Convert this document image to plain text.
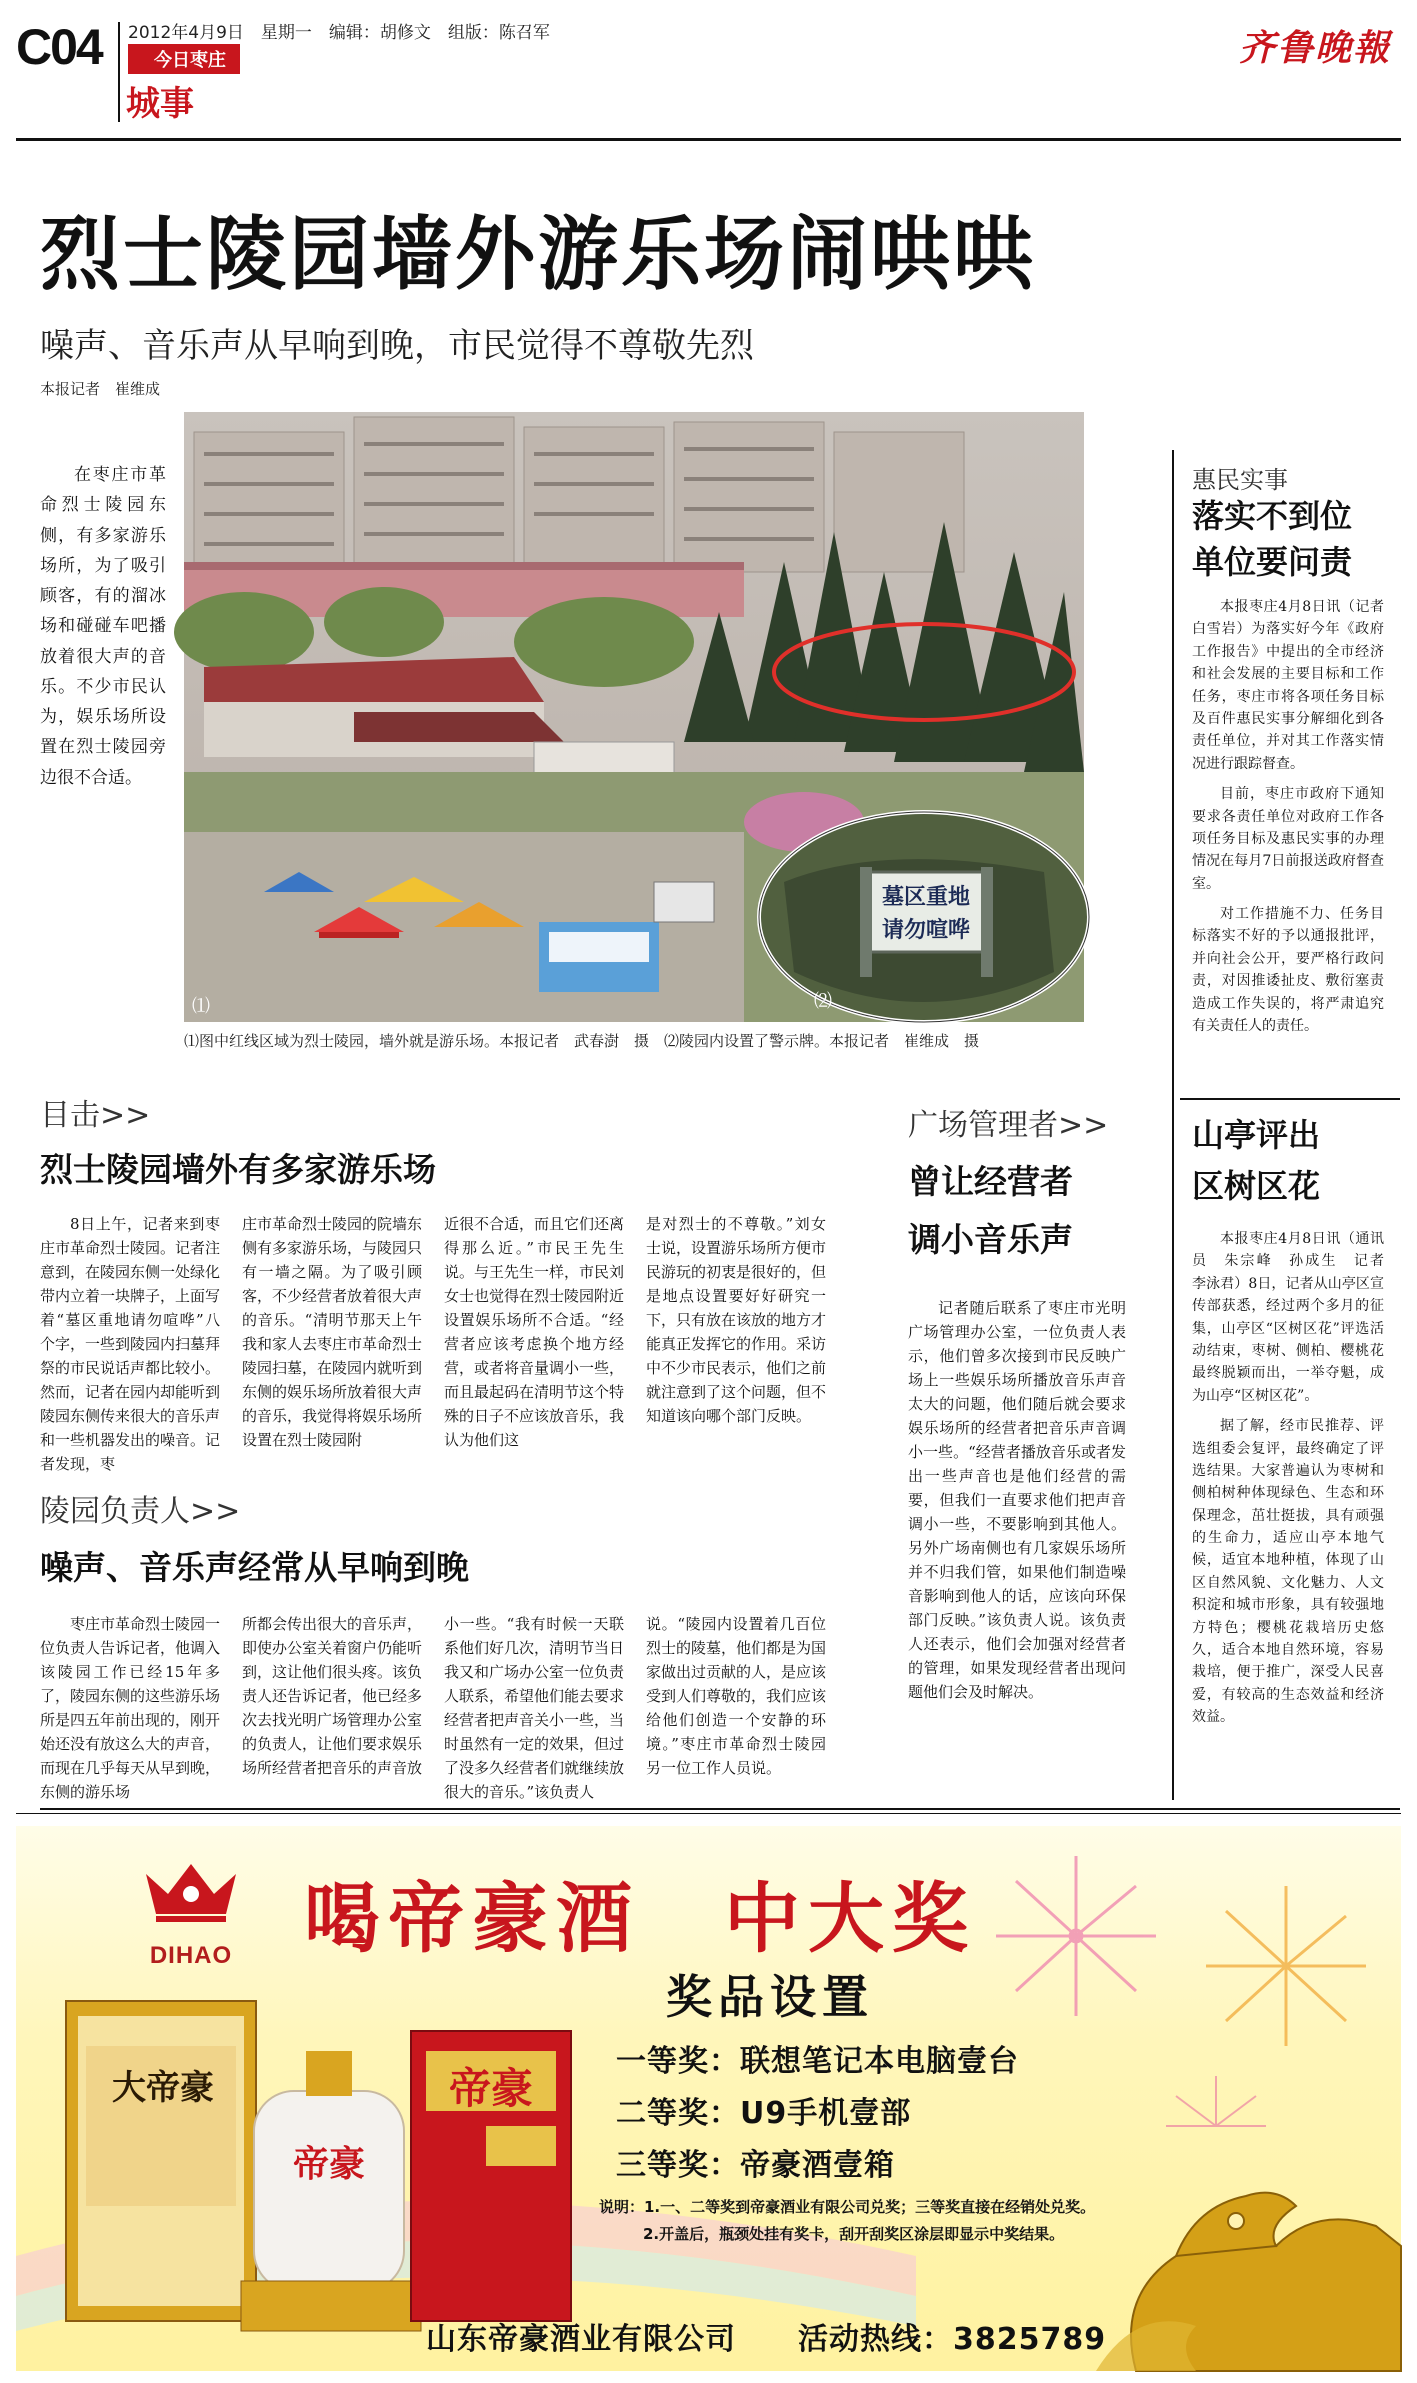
C04 2012年4月9日　星期一　编辑：胡修文　组版：陈召军
今日枣庄
城事
齐鲁晚報
烈士陵园墙外游乐场闹哄哄
噪声、音乐声从早响到晚，市民觉得不尊敬先烈
本报记者　崔维成

在枣庄市革命烈士陵园东侧，有多家游乐场所，为了吸引顾客，有的溜冰场和碰碰车吧播放着很大声的音乐。不少市民认为，娱乐场所设置在烈士陵园旁边很不合适。

墓区重地
请勿喧哗
⑴	⑵
⑴图中红线区域为烈士陵园，墙外就是游乐场。本报记者　武春澍　摄　⑵陵园内设置了警示牌。本报记者　崔维成　摄
目击>>
烈士陵园墙外有多家游乐场

8日上午，记者来到枣庄市革命烈士陵园。记者注意到，在陵园东侧一处绿化带内立着一块牌子，上面写着“墓区重地请勿喧哗”八个字，一些到陵园内扫墓拜祭的市民说话声都比较小。然而，记者在园内却能听到陵园东侧传来很大的音乐声和一些机器发出的噪音。记者发现，枣

庄市革命烈士陵园的院墙东侧有多家游乐场，与陵园只有一墙之隔。为了吸引顾客，不少经营者放着很大声的音乐。“清明节那天上午我和家人去枣庄市革命烈士陵园扫墓，在陵园内就听到东侧的娱乐场所放着很大声的音乐，我觉得将娱乐场所设置在烈士陵园附

近很不合适，而且它们还离得那么近。”市民王先生说。与王先生一样，市民刘女士也觉得在烈士陵园附近设置娱乐场所不合适。“经营者应该考虑换个地方经营，或者将音量调小一些，而且最起码在清明节这个特殊的日子不应该放音乐，我认为他们这

是对烈士的不尊敬。”刘女士说，设置游乐场所方便市民游玩的初衷是很好的，但是地点设置要好好研究一下，只有放在该放的地方才能真正发挥它的作用。采访中不少市民表示，他们之前就注意到了这个问题，但不知道该向哪个部门反映。

陵园负责人>>
噪声、音乐声经常从早响到晚

枣庄市革命烈士陵园一位负责人告诉记者，他调入该陵园工作已经15年多了，陵园东侧的这些游乐场所是四五年前出现的，刚开始还没有放这么大的声音，而现在几乎每天从早到晚，东侧的游乐场

所都会传出很大的音乐声，即使办公室关着窗户仍能听到，这让他们很头疼。该负责人还告诉记者，他已经多次去找光明广场管理办公室的负责人，让他们要求娱乐场所经营者把音乐的声音放

小一些。“我有时候一天联系他们好几次，清明节当日我又和广场办公室一位负责人联系，希望他们能去要求经营者把声音关小一些，当时虽然有一定的效果，但过了没多久经营者们就继续放很大的音乐。”该负责人

说。“陵园内设置着几百位烈士的陵墓，他们都是为国家做出过贡献的人，是应该受到人们尊敬的，我们应该给他们创造一个安静的环境。”枣庄市革命烈士陵园另一位工作人员说。

广场管理者>>
曾让经营者
调小音乐声

记者随后联系了枣庄市光明广场管理办公室，一位负责人表示，他们曾多次接到市民反映广场上一些娱乐场所播放音乐声音太大的问题，他们随后就会要求娱乐场所的经营者把音乐声音调小一些。“经营者播放音乐或者发出一些声音也是他们经营的需要，但我们一直要求他们把声音调小一些，不要影响到其他人。另外广场南侧也有几家娱乐场所并不归我们管，如果他们制造噪音影响到他人的话，应该向环保部门反映。”该负责人说。该负责人还表示，他们会加强对经营者的管理，如果发现经营者出现问题他们会及时解决。

惠民实事
落实不到位
单位要问责

本报枣庄4月8日讯（记者　白雪岩）为落实好今年《政府工作报告》中提出的全市经济和社会发展的主要目标和工作任务，枣庄市将各项任务目标及百件惠民实事分解细化到各责任单位，并对其工作落实情况进行跟踪督查。

目前，枣庄市政府下通知要求各责任单位对政府工作各项任务目标及惠民实事的办理情况在每月7日前报送政府督查室。

对工作措施不力、任务目标落实不好的予以通报批评，并向社会公开，要严格行政问责，对因推诿扯皮、敷衍塞责造成工作失误的，将严肃追究有关责任人的责任。

山亭评出
区树区花

本报枣庄4月8日讯（通讯员　朱宗峰　孙成生　记者　李泳君）8日，记者从山亭区宣传部获悉，经过两个多月的征集，山亭区“区树区花”评选活动结束，枣树、侧柏、樱桃花最终脱颖而出，一举夺魁，成为山亭“区树区花”。

据了解，经市民推荐、评选组委会复评，最终确定了评选结果。大家普遍认为枣树和侧柏树种体现绿色、生态和环保理念，茁壮挺拔，具有顽强的生命力，适应山亭本地气候，适宜本地种植，体现了山区自然风貌、文化魅力、人文积淀和城市形象，具有较强地方特色；樱桃花栽培历史悠久，适合本地自然环境，容易栽培，便于推广，深受人民喜爱，有较高的生态效益和经济效益。

DIHAO 喝帝豪酒　中大奖
奖品设置
一等奖：联想笔记本电脑壹台
二等奖：U9手机壹部
三等奖：帝豪酒壹箱
说明：1.一、二等奖到帝豪酒业有限公司兑奖；三等奖直接在经销处兑奖。
2.开盖后，瓶颈处挂有奖卡，刮开刮奖区涂层即显示中奖结果。
大帝豪
帝豪
帝豪
山东帝豪酒业有限公司　　活动热线：3825789
